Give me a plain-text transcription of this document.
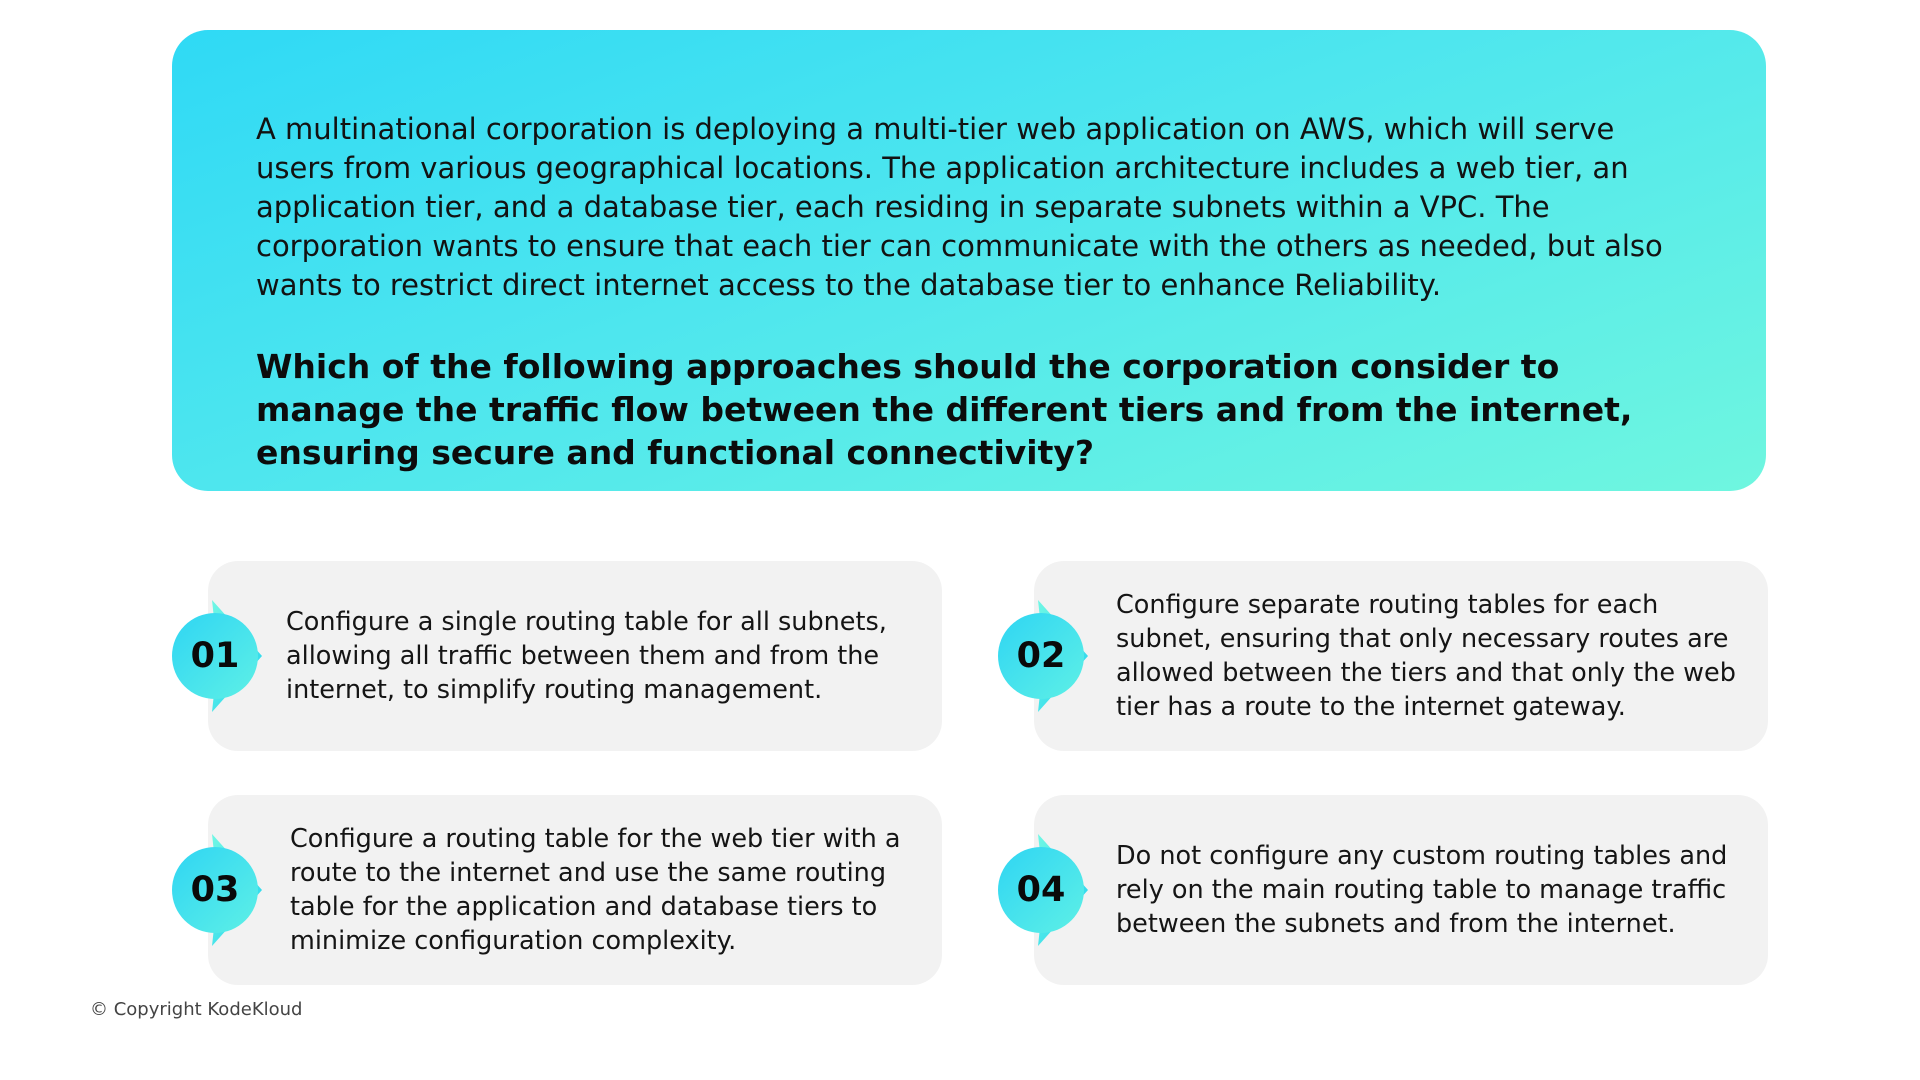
A multinational corporation is deploying a multi-tier web application on AWS, which will serve users from various geographical locations. The application architecture includes a web tier, an application tier, and a database tier, each residing in separate subnets within a VPC. The corporation wants to ensure that each tier can communicate with the others as needed, but also wants to restrict direct internet access to the database tier to enhance Reliability.

Which of the following approaches should the corporation consider to manage the traffic flow between the different tiers and from the internet, ensuring secure and functional connectivity?

Configure a single routing table for all subnets, allowing all traffic between them and from the internet, to simplify routing management.
01
Configure separate routing tables for each subnet, ensuring that only necessary routes are allowed between the tiers and that only the web tier has a route to the internet gateway.
02
Configure a routing table for the web tier with a route to the internet and use the same routing table for the application and database tiers to minimize configuration complexity.
03
Do not configure any custom routing tables and rely on the main routing table to manage traffic between the subnets and from the internet.
04
© Copyright KodeKloud
